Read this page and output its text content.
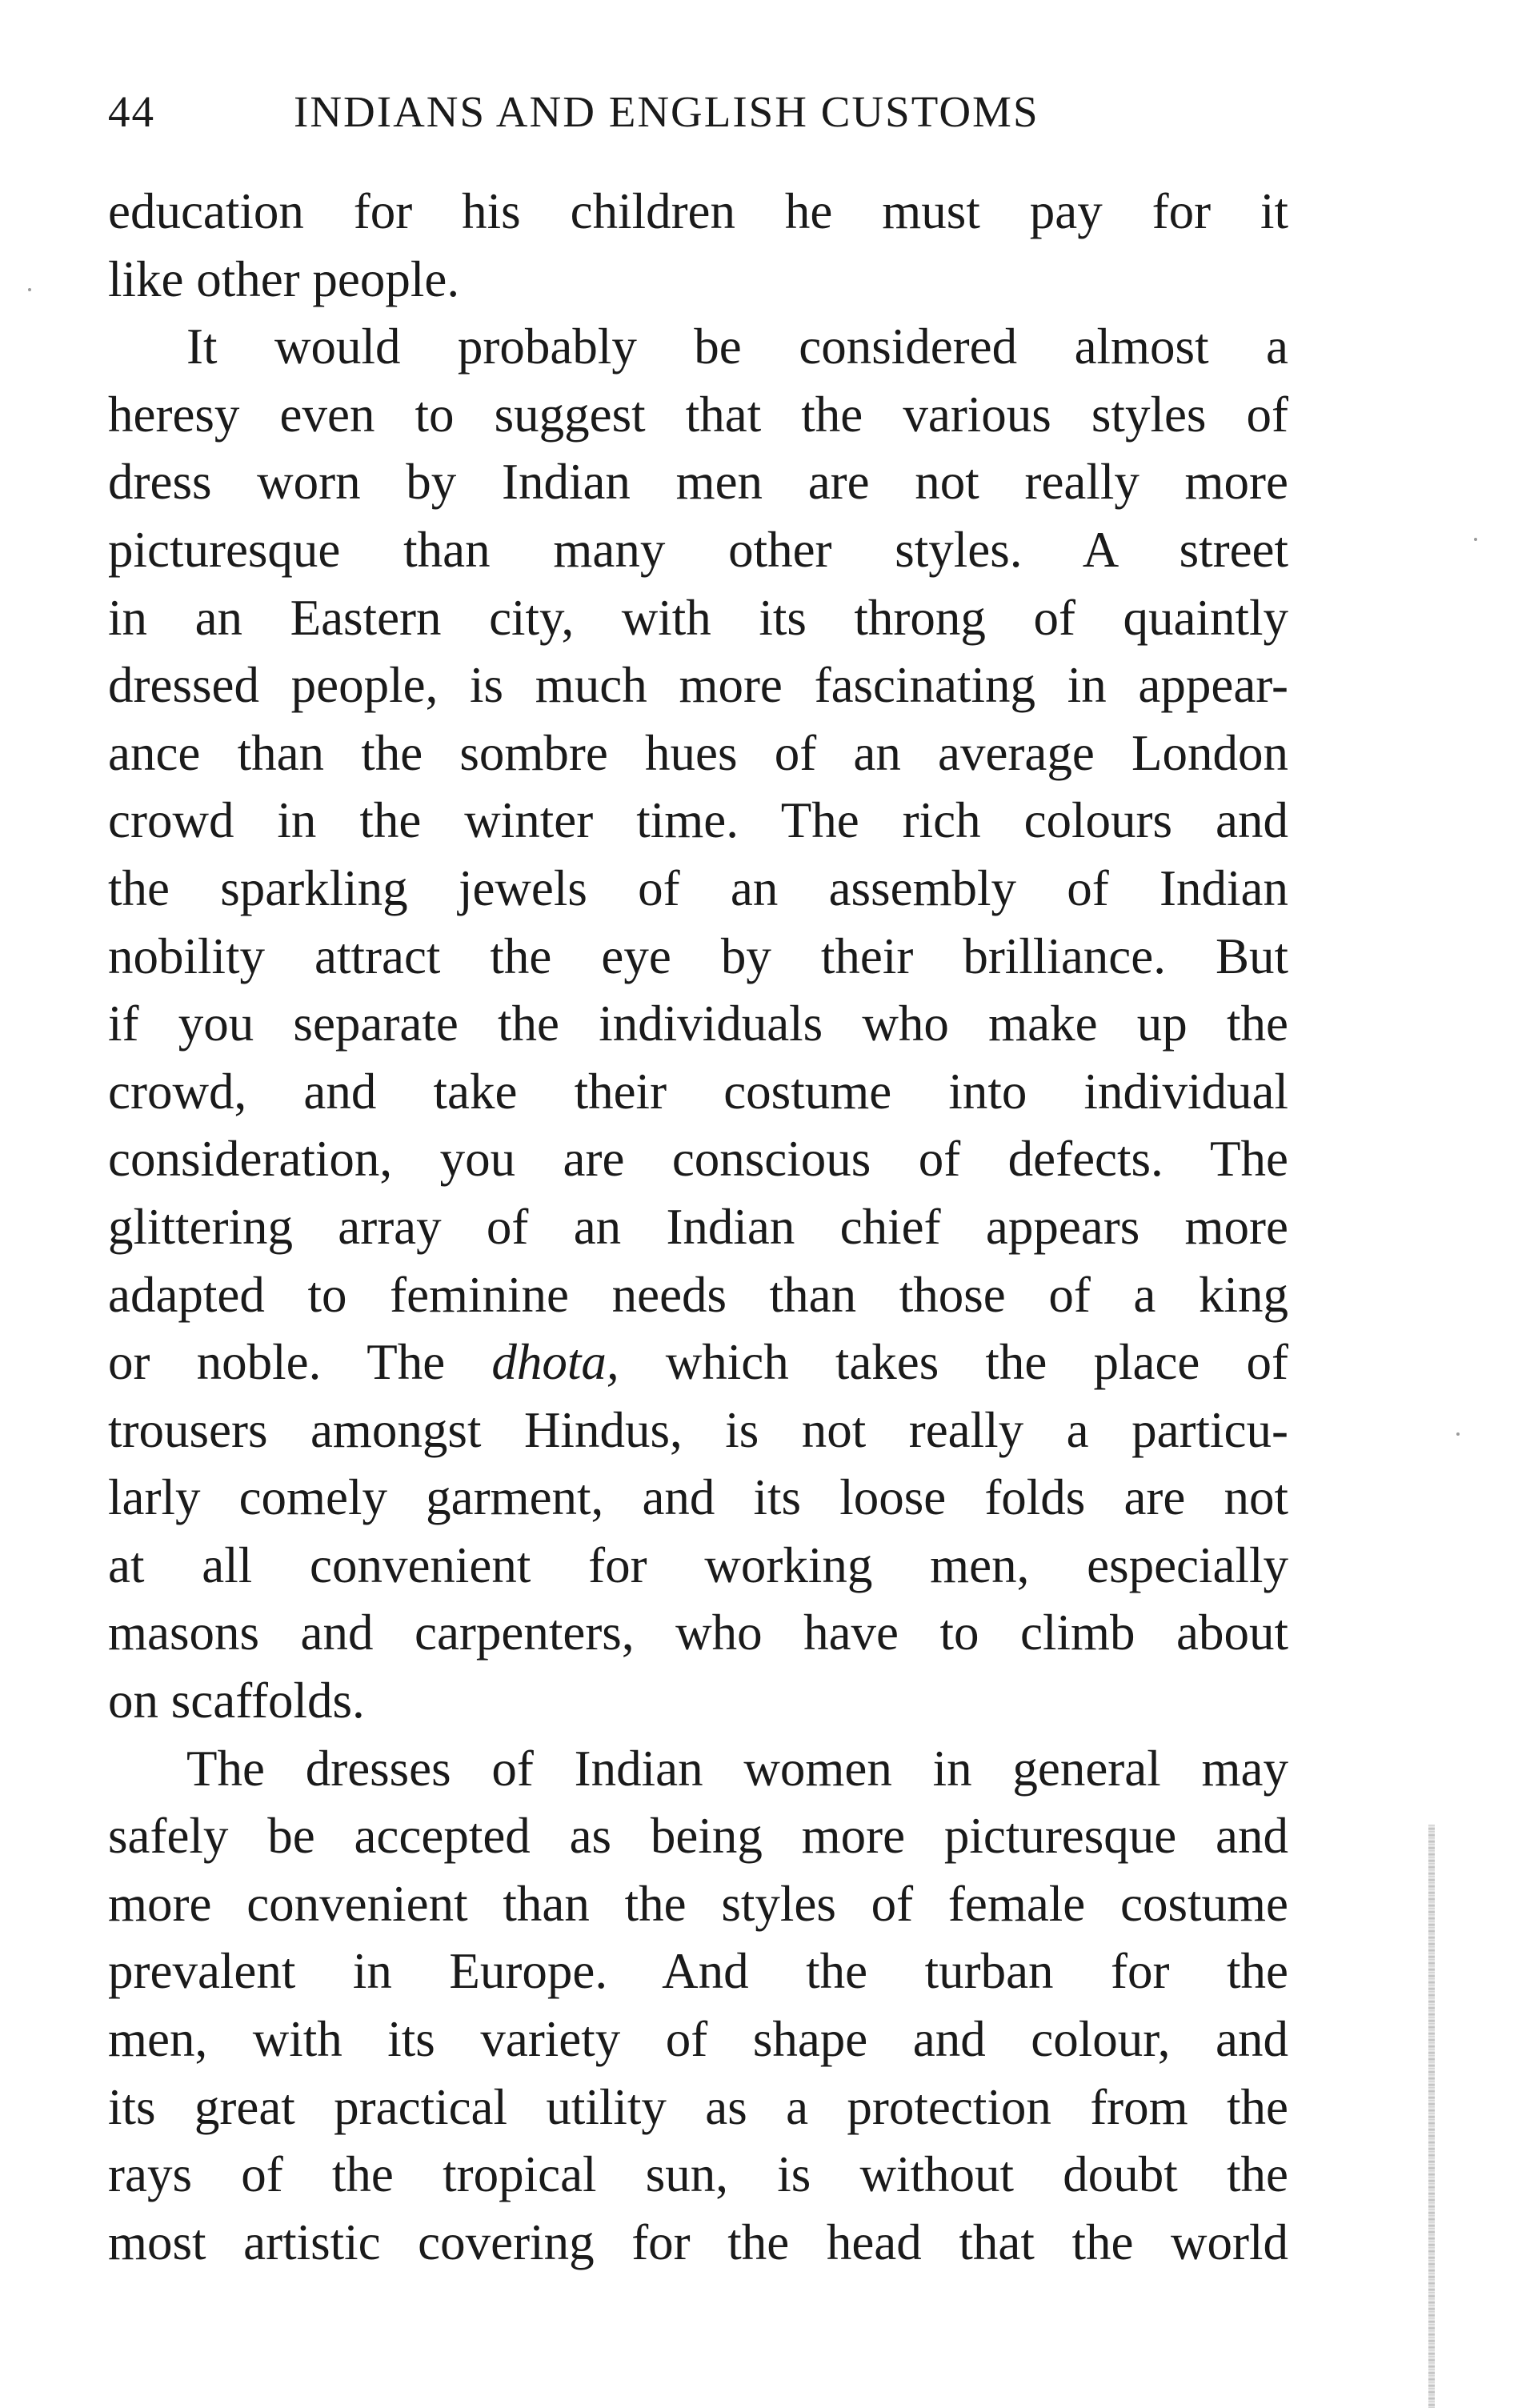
44	INDIANS AND ENGLISH CUSTOMS
education for his children he must pay for it
like other people.
It would probably be considered almost a
heresy even to suggest that the various styles of
dress worn by Indian men are not really more
picturesque than many other styles. A street
in an Eastern city, with its throng of quaintly
dressed people, is much more fascinating in appear-
ance than the sombre hues of an average London
crowd in the winter time. The rich colours and
the sparkling jewels of an assembly of Indian
nobility attract the eye by their brilliance. But
if you separate the individuals who make up the
crowd, and take their costume into individual
consideration, you are conscious of defects. The
glittering array of an Indian chief appears more
adapted to feminine needs than those of a king
or noble. The dhota, which takes the place of
trousers amongst Hindus, is not really a particu-
larly comely garment, and its loose folds are not
at all convenient for working men, especially
masons and carpenters, who have to climb about
on scaffolds.
The dresses of Indian women in general may
safely be accepted as being more picturesque and
more convenient than the styles of female costume
prevalent in Europe. And the turban for the
men, with its variety of shape and colour, and
its great practical utility as a protection from the
rays of the tropical sun, is without doubt the
most artistic covering for the head that the world
